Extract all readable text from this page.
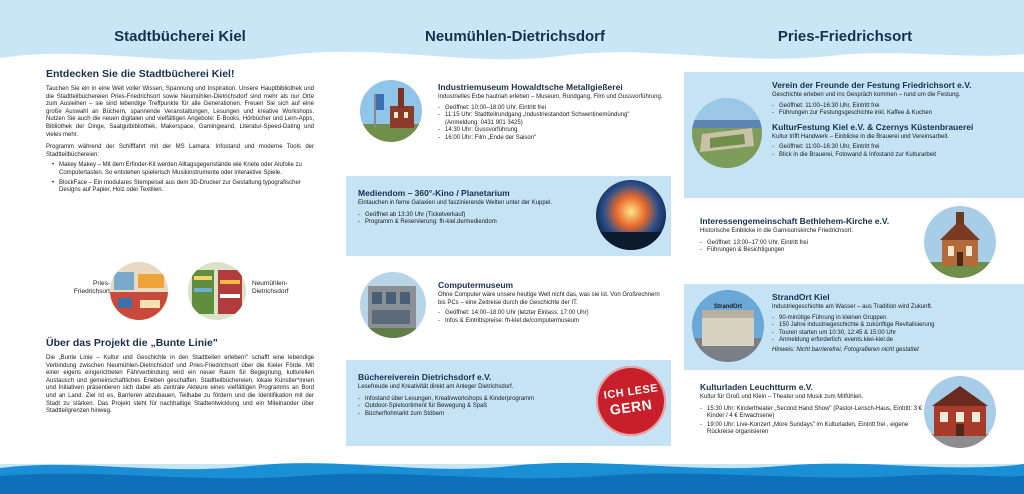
Stadtbücherei Kiel	Neumühlen-Dietrichsdorf	Pries-Friedrichsort
Entdecken Sie die Stadtbücherei Kiel!

Tauchen Sie ein in eine Welt voller Wissen, Spannung und Inspiration. Unsere Hauptbibliothek und die Stadtteilbüchereien Pries-Friedrichsort sowie Neumühlen-Dietrichsdorf sind mehr als nur Orte zum Ausleihen – sie sind lebendige Treffpunkte für alle Generationen. Freuen Sie sich auf eine große Auswahl an Büchern, spannende Veranstaltungen, Lesungen und kreative Workshops. Nutzen Sie auch die neuen digitalen und vielfältigen Angebote: E-Books, Hörbücher und Lern-Apps, Bibliothek der Dinge, Saatgutbibliothek, Makerspace, Gamingwand, Literatur-Speed-Dating und vieles mehr.

Programm während der Schifffahrt mit der MS Lamara: Infostand und moderne Tools der Stadtteilbüchereien:

• Makey Makey – Mit dem Erfinder-Kit werden Alltagsgegenstände wie Knete oder Alufolie zu Computertasten. So entstehen spielerisch Musikinstrumente oder interaktive Spiele.
• BlockFace – Ein modulares Stempelset aus dem 3D-Drucker zur Gestaltung typografischer Designs auf Papier, Holz oder Textilien.
Pries-
Friedrichsort
Neumühlen-
Dietrichsdorf
Über das Projekt die „Bunte Linie"

Die „Bunte Linie – Kultur und Geschichte in den Stadtteilen erleben!" schafft eine lebendige Verbindung zwischen Neumühlen-Dietrichsdorf und Pries-Friedrichsort über die Kieler Förde. Mit einer eigens eingerichteten Fährverbindung wird ein neuer Raum für Begegnung, kulturellen Austausch und gemeinschaftliches Erleben geschaffen. Stadtteilbüchereien, lokale Künstler*innen und Initiativen präsentieren sich dabei als zentrale Akteure eines vielfältigen Programms an Bord und an Land. Ziel ist es, Barrieren abzubauen, Teilhabe zu fördern und die Identifikation mit der Stadt zu stärken. Das Projekt steht für nachhaltige Stadtentwicklung und ein Miteinander über Stadtteilgrenzen hinweg.

Industriemuseum Howaldtsche Metallgießerei

Industrielles Erbe hautnah erleben – Museum, Rundgang, Film und Gussvorführung.

- Geöffnet: 10:00–18:00 Uhr, Eintritt frei
- 11:15 Uhr: Stadtteilrundgang „Industriestandort Schwentinemündung" (Anmeldung: 0431 901 3425)
- 14:30 Uhr: Gussvorführung
- 16:00 Uhr: Film „Ende der Saison"
Mediendom – 360°-Kino / Planetarium

Eintauchen in ferne Galaxien und faszinierende Welten unter der Kuppel.

- Geöffnet ab 13:30 Uhr (Ticketverkauf)
- Programm & Reservierung: fh-kiel.de/mediendom
Computermuseum

Ohne Computer wäre unsere heutige Welt nicht das, was sie ist. Von Großrechnern bis PCs – eine Zeitreise durch die Geschichte der IT.

- Geöffnet: 14:00–18:00 Uhr (letzter Einlass: 17:00 Uhr)
- Infos & Eintrittspreise: fh-kiel.de/computermuseum
Büchereiverein Dietrichsdorf e.V.

Lesefreude und Kreativität direkt am Anleger Dietrichsdorf.

- Infostand über Lesungen, Kreativworkshops & Kinderprogramm
- Outdoor-Spielsortiment für Bewegung & Spaß
- Bücherflohmarkt zum Stöbern
ICH LESE
GERN
Verein der Freunde der Festung Friedrichsort e.V.

Geschichte erleben und ins Gespräch kommen – rund um die Festung.

- Geöffnet: 11:00–16:30 Uhr, Eintritt frei
- Führungen zur Festungsgeschichte inkl. Kaffee & Kuchen
KulturFestung Kiel e.V. & Czernys Küstenbrauerei

Kultur trifft Handwerk – Einblicke in die Brauerei und Vereinsarbeit.

- Geöffnet: 11:00–16:30 Uhr, Eintritt frei
- Blick in die Brauerei, Fotowand & Infostand zur Kulturarbeit
Interessengemeinschaft Bethlehem-Kirche e.V.

Historische Einblicke in die Garnisonskirche Friedrichsort.

- Geöffnet: 13:00–17:00 Uhr, Eintritt frei
- Führungen & Besichtigungen
StrandOrt
StrandOrt Kiel

Industriegeschichte am Wasser – aus Tradition wird Zukunft.

- 90-minütige Führung in kleinen Gruppen
- 150 Jahre industriegeschichte & zukünftige Revitalisierung
- Touren starten um 10:30, 12:45 & 15:00 Uhr
- Anmeldung erforderlich: events.kiwi-kiel.de

Hinweis: Nicht barrierefrei, Fotografieren nicht gestattet

Kulturladen Leuchtturm e.V.

Kultur für Groß und Klein – Theater und Musik zum Mitfühlen.

- 15:30 Uhr: Kindertheater „Second Hand Show" (Pastor-Lensch-Haus, Eintritt: 3 € Kinder / 4 € Erwachsene)
- 19:00 Uhr: Live-Konzert „More Sundays" im Kulturladen, Eintritt frei , eigene Rückreise organisieren
